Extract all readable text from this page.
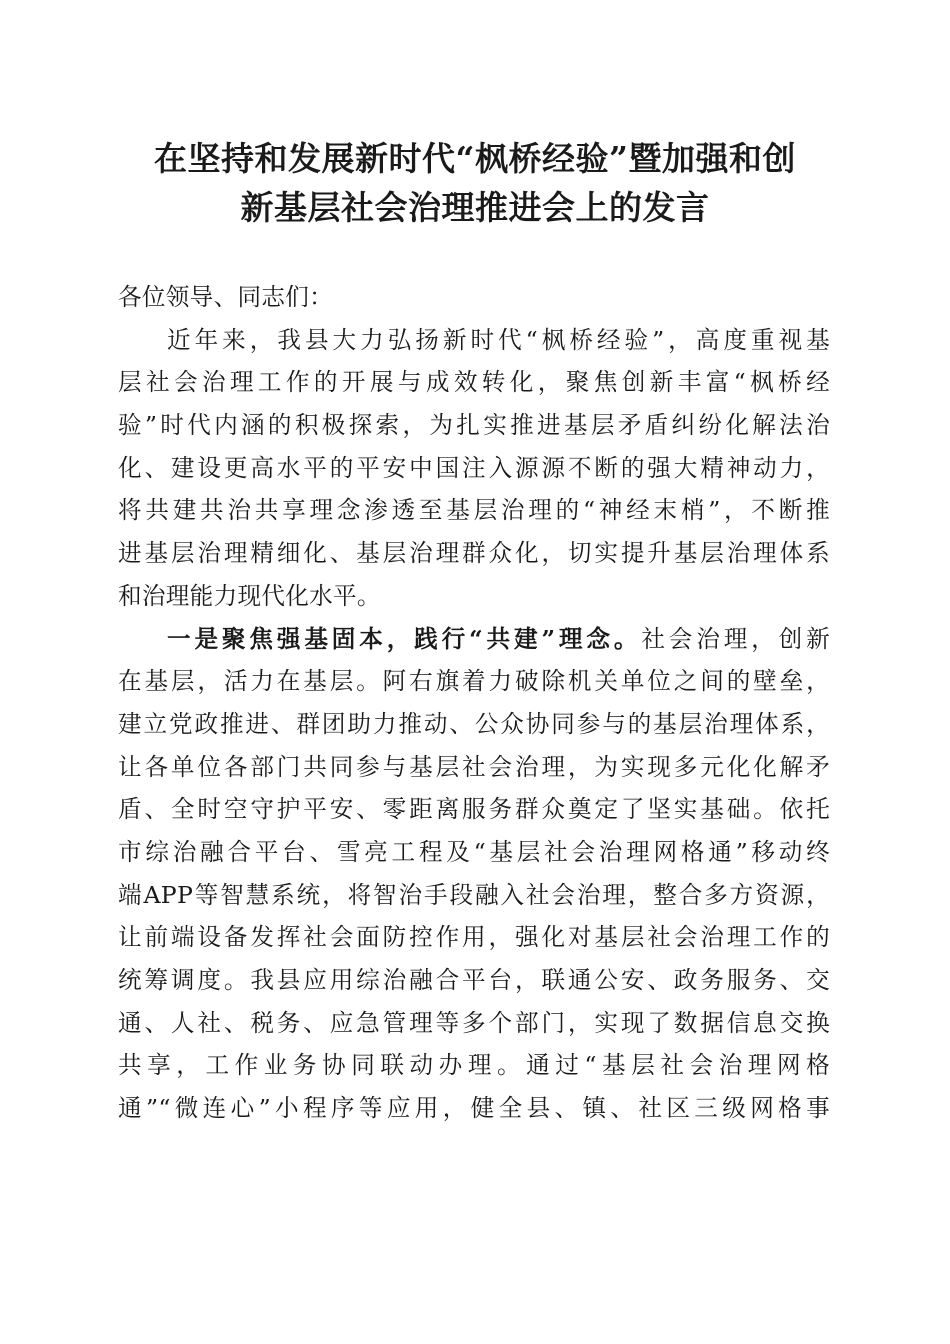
在坚持和发展新时代“枫桥经验”暨加强和创
新基层社会治理推进会上的发言
各位领导、同志们：
近年来，我县大力弘扬新时代“枫桥经验”，高度重视基
层社会治理工作的开展与成效转化，聚焦创新丰富“枫桥经
验”时代内涵的积极探索，为扎实推进基层矛盾纠纷化解法治
化、建设更高水平的平安中国注入源源不断的强大精神动力，
将共建共治共享理念渗透至基层治理的“神经末梢”，不断推
进基层治理精细化、基层治理群众化，切实提升基层治理体系
和治理能力现代化水平。
一是聚焦强基固本，践行“共建”理念。社会治理，创新
在基层，活力在基层。阿右旗着力破除机关单位之间的壁垒，
建立党政推进、群团助力推动、公众协同参与的基层治理体系，
让各单位各部门共同参与基层社会治理，为实现多元化化解矛
盾、全时空守护平安、零距离服务群众奠定了坚实基础。依托
市综治融合平台、雪亮工程及“基层社会治理网格通”移动终
端APP等智慧系统，将智治手段融入社会治理，整合多方资源，
让前端设备发挥社会面防控作用，强化对基层社会治理工作的
统筹调度。我县应用综治融合平台，联通公安、政务服务、交
通、人社、税务、应急管理等多个部门，实现了数据信息交换
共享，工作业务协同联动办理。通过“基层社会治理网格
通”“微连心”小程序等应用，健全县、镇、社区三级网格事
